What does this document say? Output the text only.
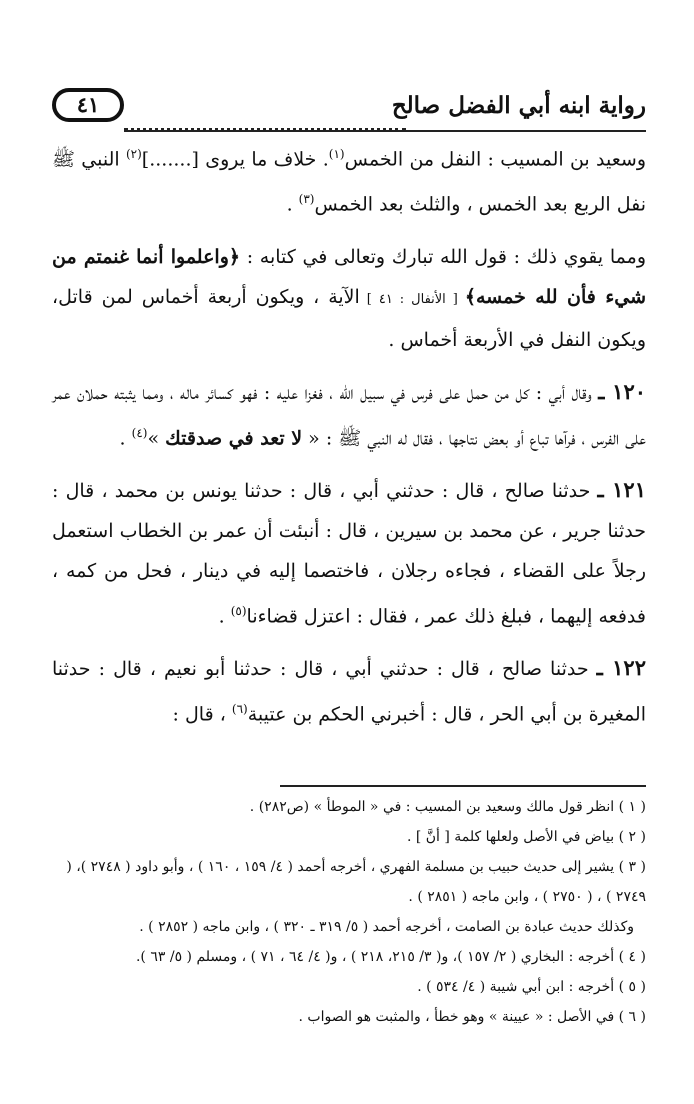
رواية ابنه أبي الفضل صالح
٤١

وسعيد بن المسيب : النفل من الخمس$^{(١)}$. خلاف ما يروى [.......]$^{(٢)}$ النبي ﷺ نفل الربع بعد الخمس ، والثلث بعد الخمس$^{(٣)}$ .

ومما يقوي ذلك : قول الله تبارك وتعالى في كتابه : ﴿واعلموا أنما غنمتم من شيء فأن لله خمسه﴾ [ الأنفال : ٤١ ] الآية ، ويكون أربعة أخماس لمن قاتل، ويكون النفل في الأربعة أخماس .

١٢٠ ـ وقال أبي : كل من حمل على فرس في سبيل الله ، فغزا عليه : فهو كسائر ماله ، ومما يثبته حملان عمر على الفرس ، فرآها تباع أو بعض نتاجها ، فقال له النبي ﷺ : « لا تعد في صدقتك »$^{(٤)}$ .

١٢١ ـ حدثنا صالح ، قال : حدثني أبي ، قال : حدثنا يونس بن محمد ، قال : حدثنا جرير ، عن محمد بن سيرين ، قال : أنبئت أن عمر بن الخطاب استعمل رجلاً على القضاء ، فجاءه رجلان ، فاختصما إليه في دينار ، فحل من كمه ، فدفعه إليهما ، فبلغ ذلك عمر ، فقال : اعتزل قضاءنا$^{(٥)}$ .

١٢٢ ـ حدثنا صالح ، قال : حدثني أبي ، قال : حدثنا أبو نعيم ، قال : حدثنا المغيرة بن أبي الحر ، قال : أخبرني الحكم بن عتيبة$^{(٦)}$ ، قال :

( ١ ) انظر قول مالك وسعيد بن المسيب : في « الموطأ » (ص٢٨٢) .

( ٢ ) بياض في الأصل ولعلها كلمة [ أنَّ ] .

( ٣ ) يشير إلى حديث حبيب بن مسلمة الفهري ، أخرجه أحمد ( ٤/ ١٥٩ ، ١٦٠ ) ، وأبو داود ( ٢٧٤٨ )، ( ٢٧٤٩ ) ، ( ٢٧٥٠ ) ، وابن ماجه ( ٢٨٥١ ) .

وكذلك حديث عبادة بن الصامت ، أخرجه أحمد ( ٥/ ٣١٩ ـ ٣٢٠ ) ، وابن ماجه ( ٢٨٥٢ ) .

( ٤ ) أخرجه : البخاري ( ٢/ ١٥٧ )، و( ٣/ ٢١٥، ٢١٨ ) ، و( ٤/ ٦٤ ، ٧١ ) ، ومسلم ( ٥/ ٦٣ ).

( ٥ ) أخرجه : ابن أبي شيبة ( ٤/ ٥٣٤ ) .

( ٦ ) في الأصل : « عيينة » وهو خطأ ، والمثبت هو الصواب .
